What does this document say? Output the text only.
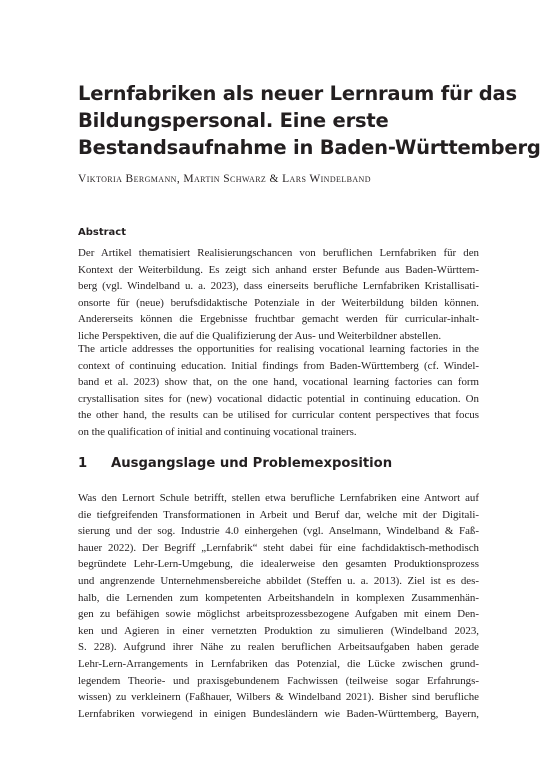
Lernfabriken als neuer Lernraum für das
Bildungspersonal. Eine erste
Bestandsaufnahme in Baden-Württemberg
Viktoria Bergmann, Martin Schwarz & Lars Windelband
Abstract
Der Artikel thematisiert Realisierungschancen von beruflichen Lernfabriken für den
Kontext der Weiterbildung. Es zeigt sich anhand erster Befunde aus Baden-Württem-
berg (vgl. Windelband u. a. 2023), dass einerseits berufliche Lernfabriken Kristallisati-
onsorte für (neue) berufsdidaktische Potenziale in der Weiterbildung bilden können.
Andererseits können die Ergebnisse fruchtbar gemacht werden für curricular-inhalt-
liche Perspektiven, die auf die Qualifizierung der Aus- und Weiterbildner abstellen.
The article addresses the opportunities for realising vocational learning factories in the
context of continuing education. Initial findings from Baden-Württemberg (cf. Windel-
band et al. 2023) show that, on the one hand, vocational learning factories can form
crystallisation sites for (new) vocational didactic potential in continuing education. On
the other hand, the results can be utilised for curricular content perspectives that focus
on the qualification of initial and continuing vocational trainers.
1 Ausgangslage und Problemexposition
Was den Lernort Schule betrifft, stellen etwa berufliche Lernfabriken eine Antwort auf
die tiefgreifenden Transformationen in Arbeit und Beruf dar, welche mit der Digitali-
sierung und der sog. Industrie 4.0 einhergehen (vgl. Anselmann, Windelband & Faß-
hauer 2022). Der Begriff „Lernfabrik“ steht dabei für eine fachdidaktisch-methodisch
begründete Lehr-Lern-Umgebung, die idealerweise den gesamten Produktionsprozess
und angrenzende Unternehmensbereiche abbildet (Steffen u. a. 2013). Ziel ist es des-
halb, die Lernenden zum kompetenten Arbeitshandeln in komplexen Zusammenhän-
gen zu befähigen sowie möglichst arbeitsprozessbezogene Aufgaben mit einem Den-
ken und Agieren in einer vernetzten Produktion zu simulieren (Windelband 2023,
S. 228). Aufgrund ihrer Nähe zu realen beruflichen Arbeitsaufgaben haben gerade
Lehr-Lern-Arrangements in Lernfabriken das Potenzial, die Lücke zwischen grund-
legendem Theorie- und praxisgebundenem Fachwissen (teilweise sogar Erfahrungs-
wissen) zu verkleinern (Faßhauer, Wilbers & Windelband 2021). Bisher sind berufliche
Lernfabriken vorwiegend in einigen Bundesländern wie Baden-Württemberg, Bayern,
